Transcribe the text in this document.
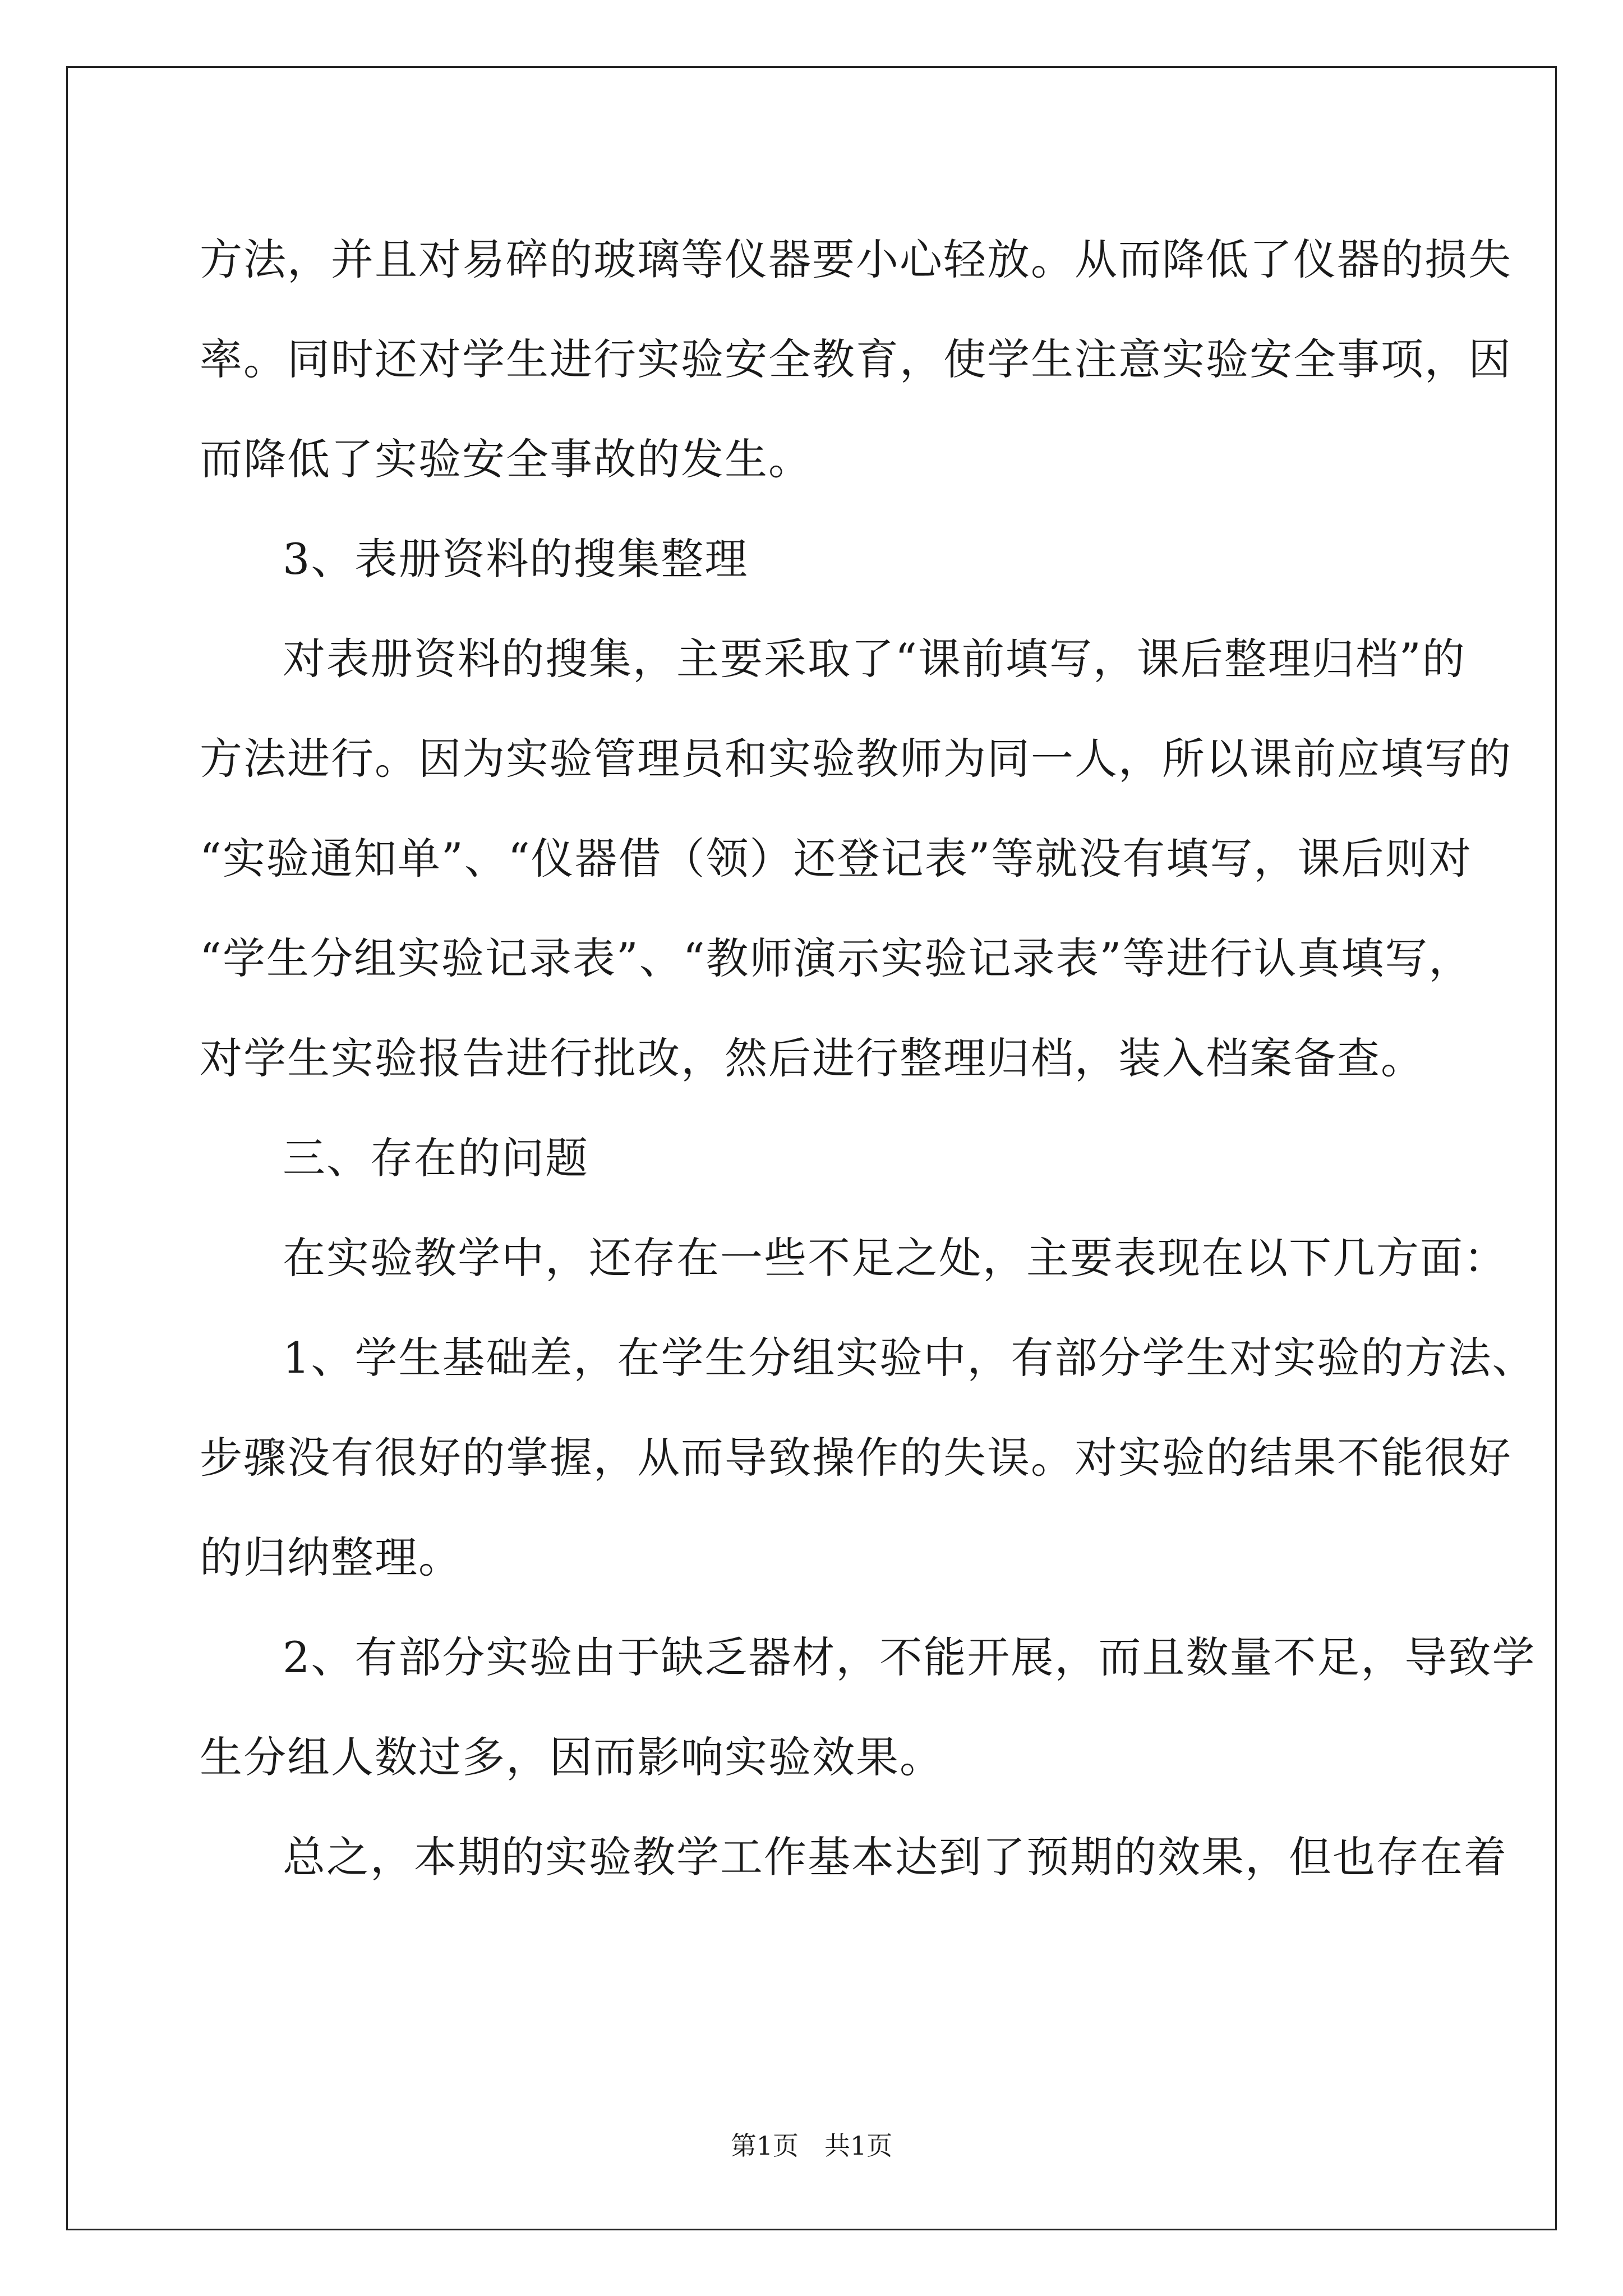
方法，并且对易碎的玻璃等仪器要小心轻放。从而降低了仪器的损失
率。同时还对学生进行实验安全教育，使学生注意实验安全事项，因
而降低了实验安全事故的发生。
3、表册资料的搜集整理
对表册资料的搜集，主要采取了“课前填写，课后整理归档”的
方法进行。因为实验管理员和实验教师为同一人，所以课前应填写的
“实验通知单”、“仪器借（领）还登记表”等就没有填写，课后则对
“学生分组实验记录表”、“教师演示实验记录表”等进行认真填写，
对学生实验报告进行批改，然后进行整理归档，装入档案备查。
三、存在的问题
在实验教学中，还存在一些不足之处，主要表现在以下几方面：
1、学生基础差，在学生分组实验中，有部分学生对实验的方法、
步骤没有很好的掌握，从而导致操作的失误。对实验的结果不能很好
的归纳整理。
2、有部分实验由于缺乏器材，不能开展，而且数量不足，导致学
生分组人数过多，因而影响实验效果。
总之，本期的实验教学工作基本达到了预期的效果，但也存在着
第1页　共1页
